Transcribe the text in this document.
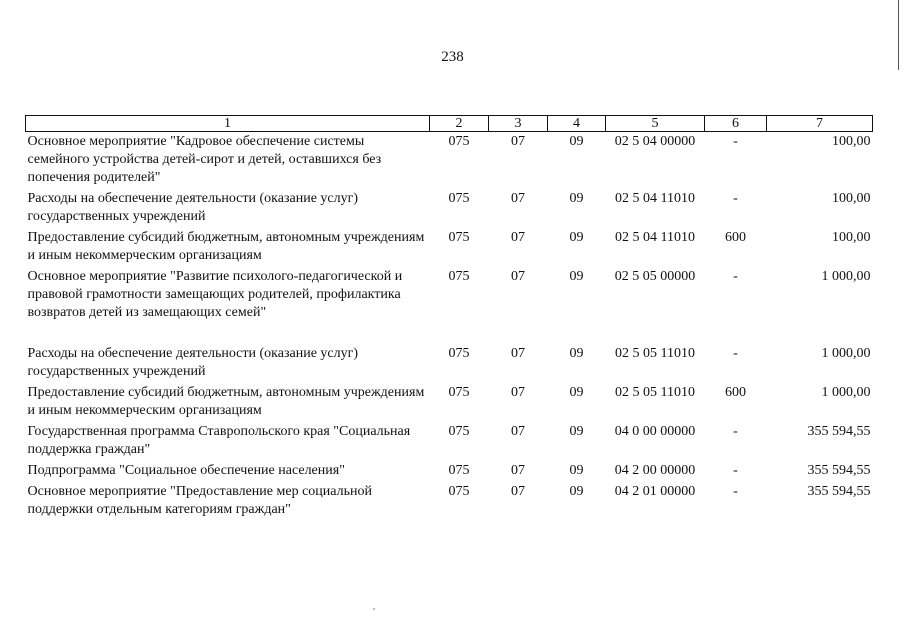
238
1	2	3	4	5	6	7
Основное мероприятие "Кадровое обеспечение системы семейного устройства детей-сирот и детей, оставшихся без попечения родителей"	075	07	09	02 5 04 00000	-	100,00
Расходы на обеспечение деятельности (оказание услуг) государственных учреждений	075	07	09	02 5 04 11010	-	100,00
Предоставление субсидий бюджетным, автономным учреждениям и иным некоммерческим организациям	075	07	09	02 5 04 11010	600	100,00
Основное мероприятие "Развитие психолого-педагогической и правовой грамотности замещающих родителей, профилактика возвратов детей из замещающих семей"	075	07	09	02 5 05 00000	-	1 000,00
Расходы на обеспечение деятельности (оказание услуг) государственных учреждений	075	07	09	02 5 05 11010	-	1 000,00
Предоставление субсидий бюджетным, автономным учреждениям и иным некоммерческим организациям	075	07	09	02 5 05 11010	600	1 000,00
Государственная программа Ставропольского края "Социальная поддержка граждан"	075	07	09	04 0 00 00000	-	355 594,55
Подпрограмма "Социальное обеспечение населения"	075	07	09	04 2 00 00000	-	355 594,55
Основное мероприятие "Предоставление мер социальной поддержки отдельным категориям граждан"	075	07	09	04 2 01 00000	-	355 594,55
